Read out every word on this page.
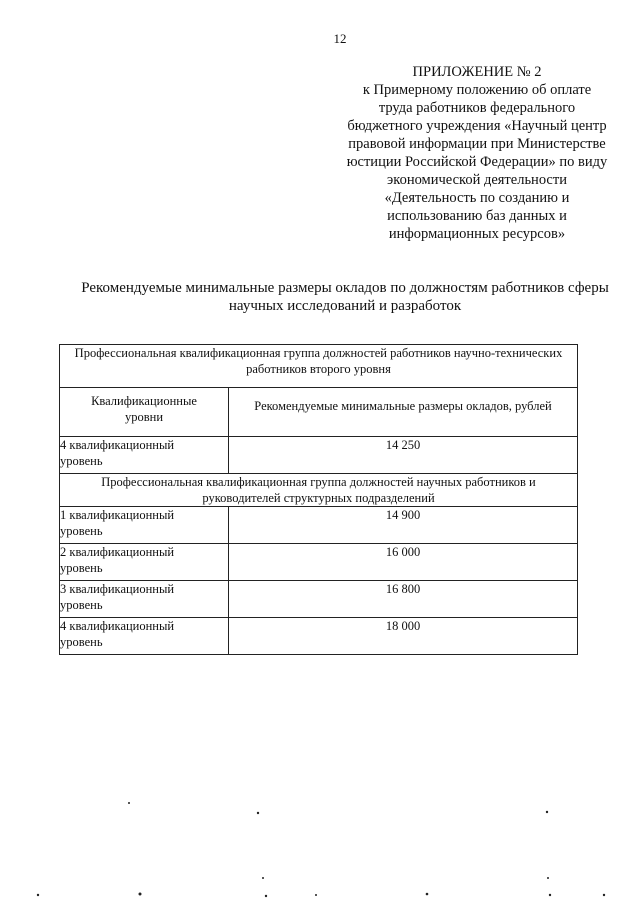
12
ПРИЛОЖЕНИЕ № 2
к Примерному положению об оплате
труда работников федерального
бюджетного учреждения «Научный центр
правовой информации при Министерстве
юстиции Российской Федерации» по виду
экономической деятельности
«Деятельность по созданию и
использованию баз данных и
информационных ресурсов»
Рекомендуемые минимальные размеры окладов по должностям работников сферы
научных исследований и разработок
Профессиональная квалификационная группа должностей работников научно-технических
работников второго уровня	

Квалификационные
уровни	Рекомендуемые минимальные размеры окладов, рублей

4 квалификационный
уровень	14 250

Профессиональная квалификационная группа должностей научных работников и
руководителей структурных подразделений	

1 квалификационный
уровень	14 900

2 квалификационный
уровень	16 000

3 квалификационный
уровень	16 800

4 квалификационный
уровень	18 000
